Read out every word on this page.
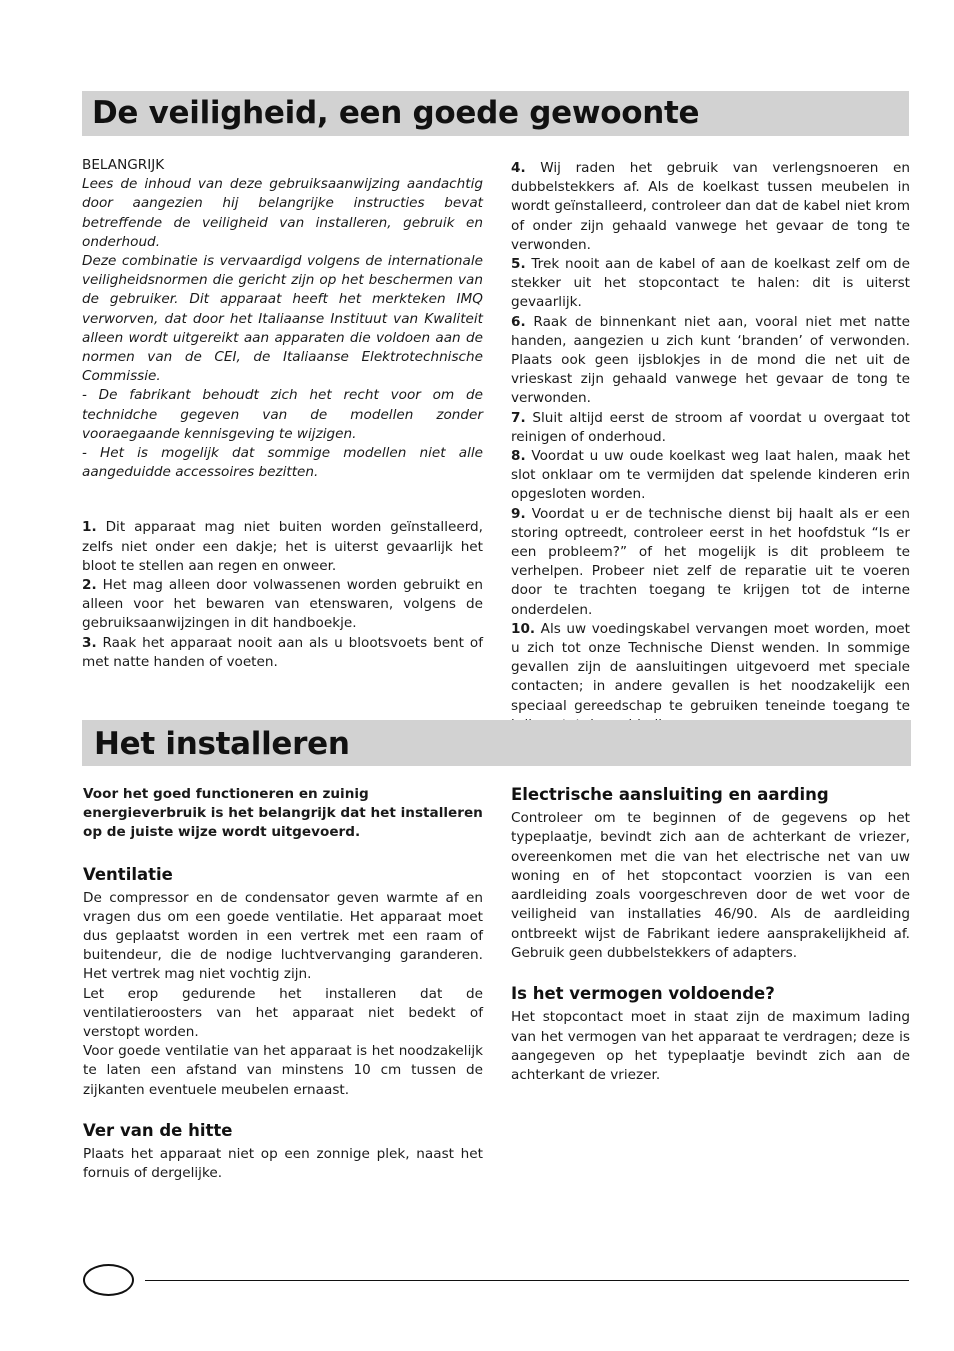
De veiligheid, een goede gewoonte

BELANGRIJK

Lees de inhoud van deze gebruiksaanwijzing aandachtig door aangezien hij belangrijke instructies bevat betreffende de veiligheid van installeren, gebruik en onderhoud.

Deze combinatie is vervaardigd volgens de internationale veiligheidsnormen die gericht zijn op het beschermen van de gebruiker. Dit apparaat heeft het merkteken IMQ verworven, dat door het Italiaanse Instituut van Kwaliteit alleen wordt uitgereikt aan apparaten die voldoen aan de normen van de CEI, de Italiaanse Elektrotechnische Commissie.

- De fabrikant behoudt zich het recht voor om de technidche gegeven van de modellen zonder vooraegaande kennisgeving te wijzigen.

- Het is mogelijk dat sommige modellen niet alle aangeduidde accessoires bezitten.

1. Dit apparaat mag niet buiten worden geïnstalleerd, zelfs niet onder een dakje; het is uiterst gevaarlijk het bloot te stellen aan regen en onweer.

2. Het mag alleen door volwassenen worden gebruikt en alleen voor het bewaren van etenswaren, volgens de gebruiksaanwijzingen in dit handboekje.

3. Raak het apparaat nooit aan als u blootsvoets bent of met natte handen of voeten.

4. Wij raden het gebruik van verlengsnoeren en dubbelstekkers af. Als de koelkast tussen meubelen in wordt geïnstalleerd, controleer dan dat de kabel niet krom of onder zijn gehaald vanwege het gevaar de tong te verwonden.

5. Trek nooit aan de kabel of aan de koelkast zelf om de stekker uit het stopcontact te halen: dit is uiterst gevaarlijk.

6. Raak de binnenkant niet aan, vooral niet met natte handen, aangezien u zich kunt ‘branden’ of verwonden. Plaats ook geen ijsblokjes in de mond die net uit de vrieskast zijn gehaald vanwege het gevaar de tong te verwonden.

7. Sluit altijd eerst de stroom af voordat u overgaat tot reinigen of onderhoud.

8. Voordat u uw oude koelkast weg laat halen, maak het slot onklaar om te vermijden dat spelende kinderen erin opgesloten worden.

9. Voordat u er de technische dienst bij haalt als er een storing optreedt, controleer eerst in het hoofdstuk “Is er een probleem?” of het mogelijk is dit probleem te verhelpen. Probeer niet zelf de reparatie uit te voeren door te trachten toegang te krijgen tot de interne onderdelen.

10. Als uw voedingskabel vervangen moet worden, moet u zich tot onze Technische Dienst wenden. In sommige gevallen zijn de aansluitingen uitgevoerd met speciale contacten; in andere gevallen is het noodzakelijk een speciaal gereedschap te gebruiken teneinde toegang te

Het installeren

Voor het goed functioneren en zuinig energieverbruik is het belangrijk dat het installeren op de juiste wijze wordt uitgevoerd.

Ventilatie

De compressor en de condensator geven warmte af en vragen dus om een goede ventilatie. Het apparaat moet dus geplaatst worden in een vertrek met een raam of buitendeur, die de nodige luchtvervanging garanderen. Het vertrek mag niet vochtig zijn.

Let erop gedurende het installeren dat de ventilatieroosters van het apparaat niet bedekt of verstopt worden.

Voor goede ventilatie van het apparaat is het noodzakelijk te laten een afstand van minstens 10 cm tussen de zijkanten eventuele meubelen ernaast.

Ver van de hitte

Plaats het apparaat niet op een zonnige plek, naast het fornuis of dergelijke.

Electrische aansluiting en aarding

Controleer om te beginnen of de gegevens op het typeplaatje, bevindt zich aan de achterkant de vriezer, overeenkomen met die van het electrische net van uw woning en of het stopcontact voorzien is van een aardleiding zoals voorgeschreven door de wet voor de veiligheid van installaties 46/90. Als de aardleiding ontbreekt wijst de Fabrikant iedere aansprakelijkheid af. Gebruik geen dubbelstekkers of adapters.

Is het vermogen voldoende?

Het stopcontact moet in staat zijn de maximum lading van het vermogen van het apparaat te verdragen; deze is aangegeven op het typeplaatje bevindt zich aan de achterkant de vriezer.
